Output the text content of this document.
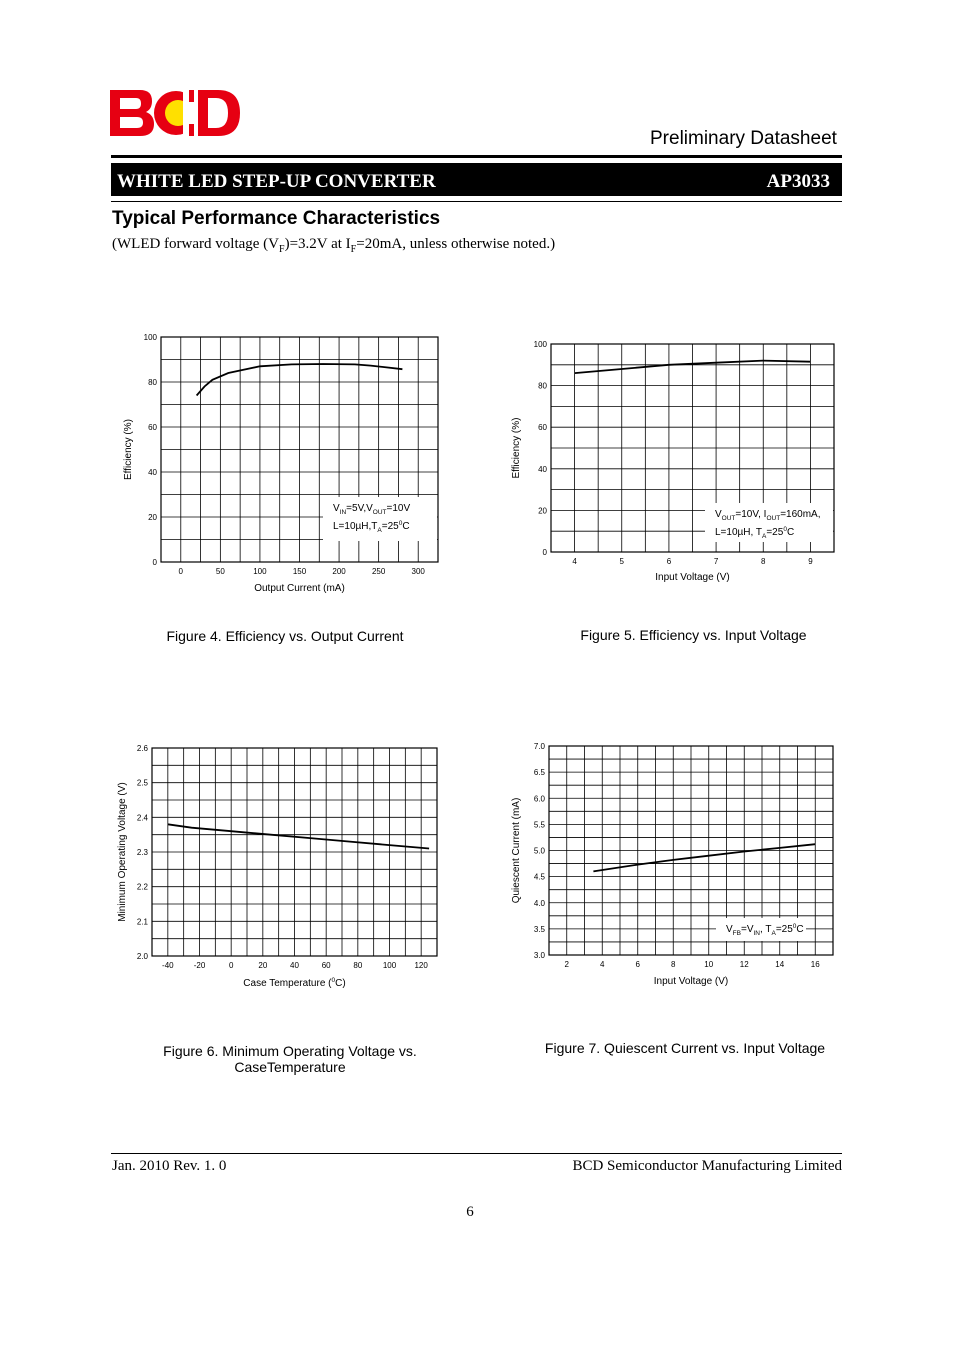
Preliminary Datasheet
WHITE LED STEP-UP CONVERTER	AP3033
Typical Performance Characteristics
(WLED forward voltage $(V_F)=3.2V$ at $I_F=20mA$, unless otherwise noted.)
0	50	100	150	200	250	300
0
20
40
60
80
100
Output Current (mA)
Efficiency (%)
$V_{IN}=5V,V_{OUT}=10V$
$L=10\mu H,T_A=25^0C$
4	5	6	7	8	9
0
20
40
60
80
100
Input Voltage (V)
Efficiency (%)
$V_{OUT}=10V$, $I_{OUT}=160mA$,
L=10µH, $T_A=25^0C$
-40	-20	0	20	40	60	80	100 120
2.0
2.1
2.2
2.3
2.4
2.5
2.6
Case Temperature ($^0$C)
Minimum Operating Voltage (V)
2	4	6	8	10	12	14	16
3.0
3.5
4.0
4.5
5.0
5.5
6.0
6.5
7.0
Input Voltage (V)
Quiescent Current (mA)
$V_{FB}=V_{IN}$, $T_A=25^0C$
Figure 4. Efficiency vs. Output Current	Figure 5. Efficiency vs. Input Voltage
Figure 6. Minimum Operating Voltage vs.
CaseTemperature
Figure 7. Quiescent Current vs. Input Voltage
Jan. 2010 Rev. 1. 0	BCD Semiconductor Manufacturing Limited
6
